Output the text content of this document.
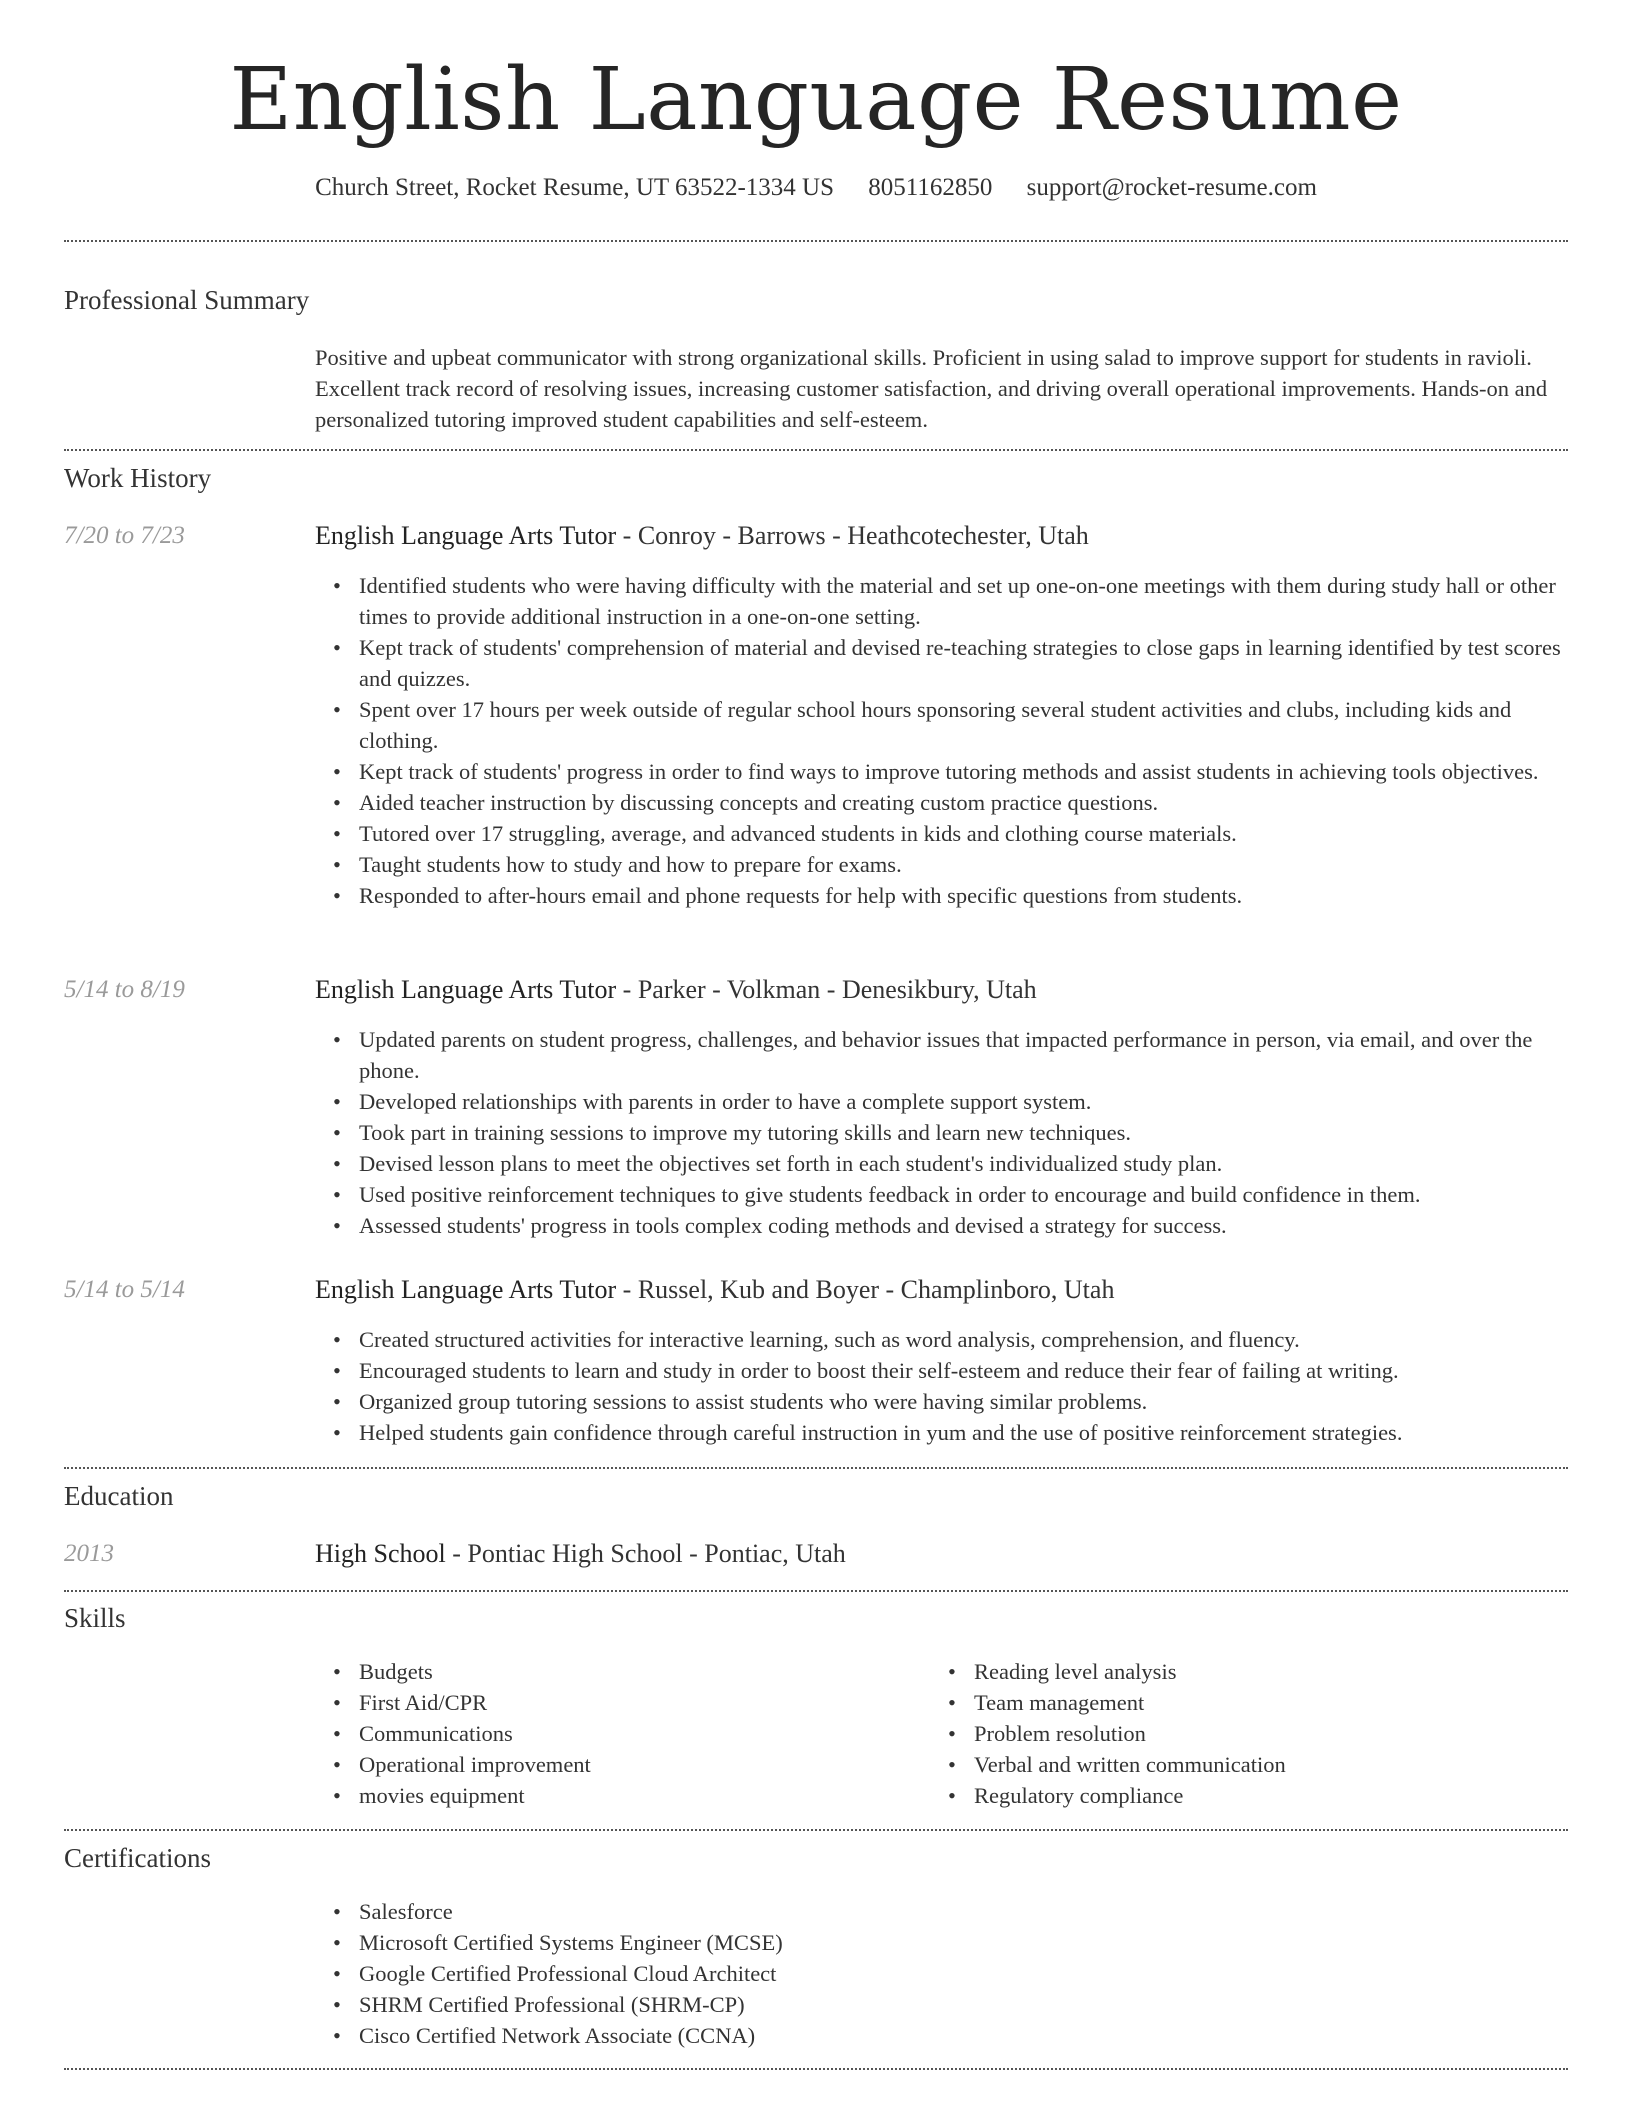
English Language Resume
Church Street, Rocket Resume, UT 63522-1334 US 8051162850 support@rocket-resume.com
Professional Summary
Positive and upbeat communicator with strong organizational skills. Proficient in using salad to improve support for students in ravioli. Excellent track record of resolving issues, increasing customer satisfaction, and driving overall operational improvements. Hands-on and personalized tutoring improved student capabilities and self-esteem.
Work History
7/20 to 7/23	English Language Arts Tutor - Conroy - Barrows - Heathcotechester, Utah
• Identified students who were having difficulty with the material and set up one-on-one meetings with them during study hall or other times to provide additional instruction in a one-on-one setting.
• Kept track of students' comprehension of material and devised re-teaching strategies to close gaps in learning identified by test scores and quizzes.
• Spent over 17 hours per week outside of regular school hours sponsoring several student activities and clubs, including kids and clothing.
• Kept track of students' progress in order to find ways to improve tutoring methods and assist students in achieving tools objectives.
• Aided teacher instruction by discussing concepts and creating custom practice questions.
• Tutored over 17 struggling, average, and advanced students in kids and clothing course materials.
• Taught students how to study and how to prepare for exams.
• Responded to after-hours email and phone requests for help with specific questions from students.
5/14 to 8/19	English Language Arts Tutor - Parker - Volkman - Denesikbury, Utah
• Updated parents on student progress, challenges, and behavior issues that impacted performance in person, via email, and over the phone.
• Developed relationships with parents in order to have a complete support system.
• Took part in training sessions to improve my tutoring skills and learn new techniques.
• Devised lesson plans to meet the objectives set forth in each student's individualized study plan.
• Used positive reinforcement techniques to give students feedback in order to encourage and build confidence in them.
• Assessed students' progress in tools complex coding methods and devised a strategy for success.
5/14 to 5/14	English Language Arts Tutor - Russel, Kub and Boyer - Champlinboro, Utah
• Created structured activities for interactive learning, such as word analysis, comprehension, and fluency.
• Encouraged students to learn and study in order to boost their self-esteem and reduce their fear of failing at writing.
• Organized group tutoring sessions to assist students who were having similar problems.
• Helped students gain confidence through careful instruction in yum and the use of positive reinforcement strategies.
Education
2013	High School - Pontiac High School - Pontiac, Utah
Skills
• Budgets
• First Aid/CPR
• Communications
• Operational improvement
• movies equipment
• Reading level analysis
• Team management
• Problem resolution
• Verbal and written communication
• Regulatory compliance
Certifications
• Salesforce
• Microsoft Certified Systems Engineer (MCSE)
• Google Certified Professional Cloud Architect
• SHRM Certified Professional (SHRM-CP)
• Cisco Certified Network Associate (CCNA)
